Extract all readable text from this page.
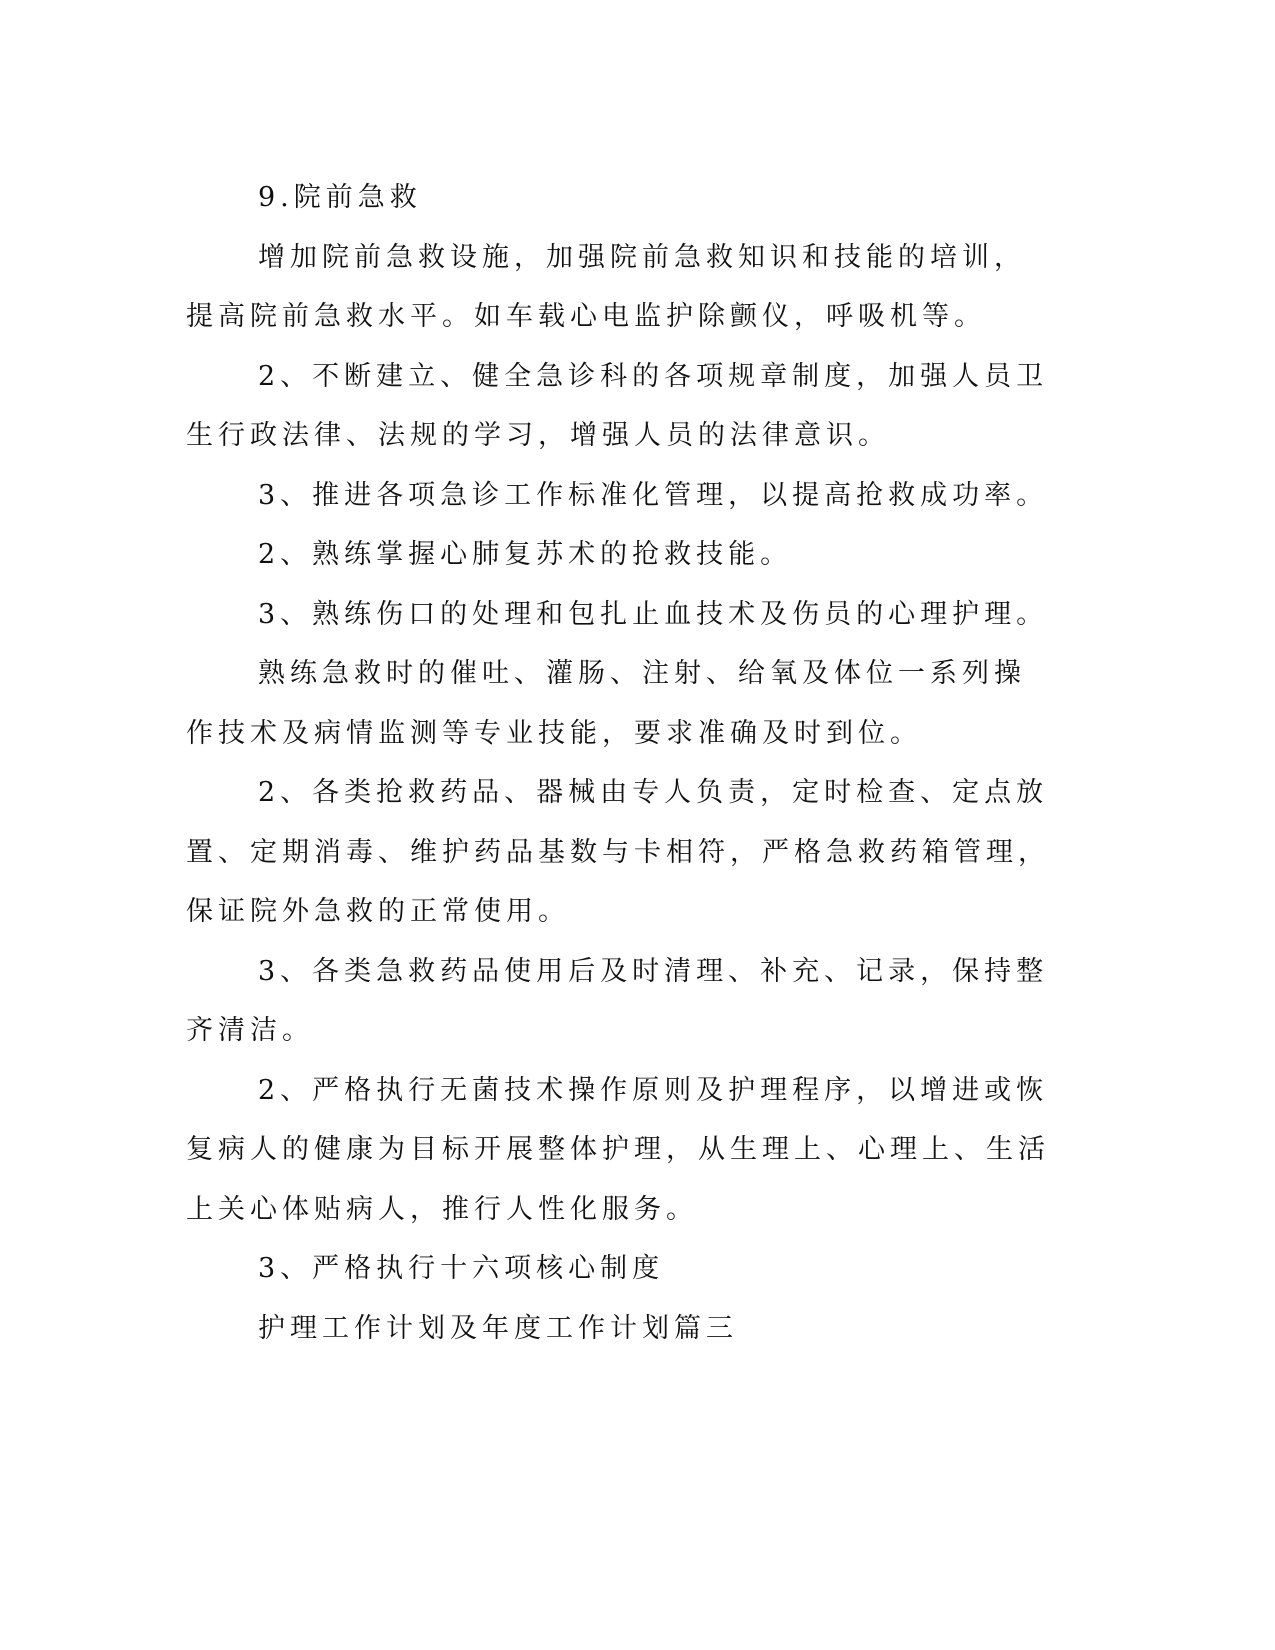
9.院前急救

增加院前急救设施，加强院前急救知识和技能的培训，提高院前急救水平。如车载心电监护除颤仪，呼吸机等。

2、不断建立、健全急诊科的各项规章制度，加强人员卫生行政法律、法规的学习，增强人员的法律意识。

3、推进各项急诊工作标准化管理，以提高抢救成功率。

2、熟练掌握心肺复苏术的抢救技能。

3、熟练伤口的处理和包扎止血技术及伤员的心理护理。

熟练急救时的催吐、灌肠、注射、给氧及体位一系列操作技术及病情监测等专业技能，要求准确及时到位。

2、各类抢救药品、器械由专人负责，定时检查、定点放置、定期消毒、维护药品基数与卡相符，严格急救药箱管理，保证院外急救的正常使用。

3、各类急救药品使用后及时清理、补充、记录，保持整齐清洁。

2、严格执行无菌技术操作原则及护理程序，以增进或恢复病人的健康为目标开展整体护理，从生理上、心理上、生活上关心体贴病人，推行人性化服务。

3、严格执行十六项核心制度

护理工作计划及年度工作计划篇三
